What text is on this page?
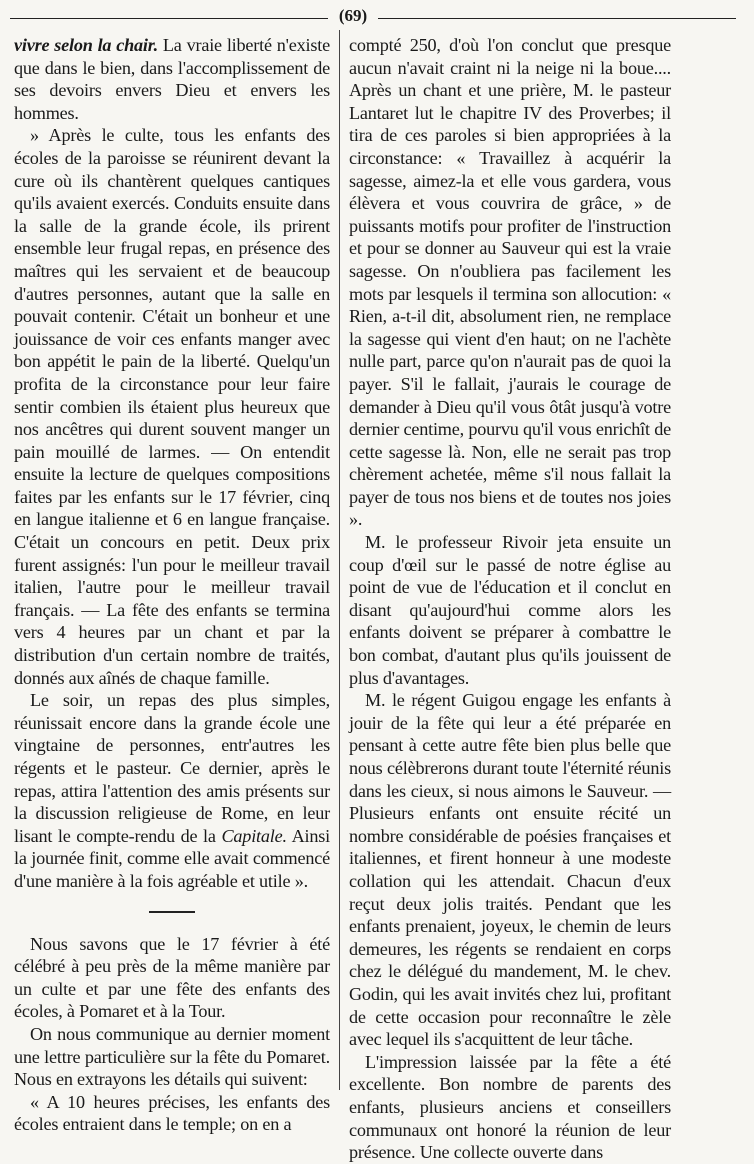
(69)

vivre selon la chair. La vraie liberté n'existe que dans le bien, dans l'accomplissement de ses devoirs envers Dieu et envers les hommes.

» Après le culte, tous les enfants des écoles de la paroisse se réunirent devant la cure où ils chantèrent quelques cantiques qu'ils avaient exercés. Conduits ensuite dans la salle de la grande école, ils prirent ensemble leur frugal repas, en présence des maîtres qui les servaient et de beaucoup d'autres personnes, autant que la salle en pouvait contenir. C'était un bonheur et une jouissance de voir ces enfants manger avec bon appétit le pain de la liberté. Quelqu'un profita de la circonstance pour leur faire sentir combien ils étaient plus heureux que nos ancêtres qui durent souvent manger un pain mouillé de larmes. — On entendit ensuite la lecture de quelques compositions faites par les enfants sur le 17 février, cinq en langue italienne et 6 en langue française. C'était un concours en petit. Deux prix furent assignés: l'un pour le meilleur travail italien, l'autre pour le meilleur travail français. — La fête des enfants se termina vers 4 heures par un chant et par la distribution d'un certain nombre de traités, donnés aux aînés de chaque famille.

Le soir, un repas des plus simples, réunissait encore dans la grande école une vingtaine de personnes, entr'autres les régents et le pasteur. Ce dernier, après le repas, attira l'attention des amis présents sur la discussion religieuse de Rome, en leur lisant le compte-rendu de la Capitale. Ainsi la journée finit, comme elle avait commencé d'une manière à la fois agréable et utile ».

Nous savons que le 17 février à été célébré à peu près de la même manière par un culte et par une fête des enfants des écoles, à Pomaret et à la Tour.

On nous communique au dernier moment une lettre particulière sur la fête du Pomaret. Nous en extrayons les détails qui suivent:

« A 10 heures précises, les enfants des écoles entraient dans le temple; on en a

compté 250, d'où l'on conclut que presque aucun n'avait craint ni la neige ni la boue.... Après un chant et une prière, M. le pasteur Lantaret lut le chapitre IV des Proverbes; il tira de ces paroles si bien appropriées à la circonstance: « Travaillez à acquérir la sagesse, aimez-la et elle vous gardera, vous élèvera et vous couvrira de grâce, » de puissants motifs pour profiter de l'instruction et pour se donner au Sauveur qui est la vraie sagesse. On n'oubliera pas facilement les mots par lesquels il termina son allocution: « Rien, a-t-il dit, absolument rien, ne remplace la sagesse qui vient d'en haut; on ne l'achète nulle part, parce qu'on n'aurait pas de quoi la payer. S'il le fallait, j'aurais le courage de demander à Dieu qu'il vous ôtât jusqu'à votre dernier centime, pourvu qu'il vous enrichît de cette sagesse là. Non, elle ne serait pas trop chèrement achetée, même s'il nous fallait la payer de tous nos biens et de toutes nos joies ».

M. le professeur Rivoir jeta ensuite un coup d'œil sur le passé de notre église au point de vue de l'éducation et il conclut en disant qu'aujourd'hui comme alors les enfants doivent se préparer à combattre le bon combat, d'autant plus qu'ils jouissent de plus d'avantages.

M. le régent Guigou engage les enfants à jouir de la fête qui leur a été préparée en pensant à cette autre fête bien plus belle que nous célèbrerons durant toute l'éternité réunis dans les cieux, si nous aimons le Sauveur. — Plusieurs enfants ont ensuite récité un nombre considérable de poésies françaises et italiennes, et firent honneur à une modeste collation qui les attendait. Chacun d'eux reçut deux jolis traités. Pendant que les enfants prenaient, joyeux, le chemin de leurs demeures, les régents se rendaient en corps chez le délégué du mandement, M. le chev. Godin, qui les avait invités chez lui, profitant de cette occasion pour reconnaître le zèle avec lequel ils s'acquittent de leur tâche.

L'impression laissée par la fête a été excellente. Bon nombre de parents des enfants, plusieurs anciens et conseillers communaux ont honoré la réunion de leur présence. Une collecte ouverte dans
